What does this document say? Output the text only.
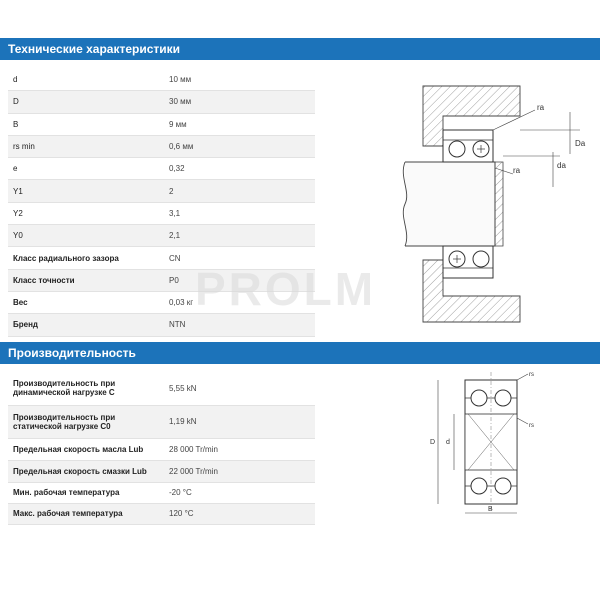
Технические характеристики
d	10 мм
D	30 мм
B	9 мм
rs min	0,6 мм
e	0,32
Y1	2
Y2	3,1
Y0	2,1
Класс радиального зазора	CN
Класс точности	P0
Вес	0,03 кг
Бренд	NTN
ra
ra
Da
da
PROLM
Производительность
Производительность при динамической нагрузке C	5,55 kN
Производительность при статической нагрузке C0	1,19 kN
Предельная скорость масла Lub	28 000 Tr/min
Предельная скорость смазки Lub	22 000 Tr/min
Мин. рабочая температура	-20 °C
Макс. рабочая температура	120 °C
D d
B
rs
rs
